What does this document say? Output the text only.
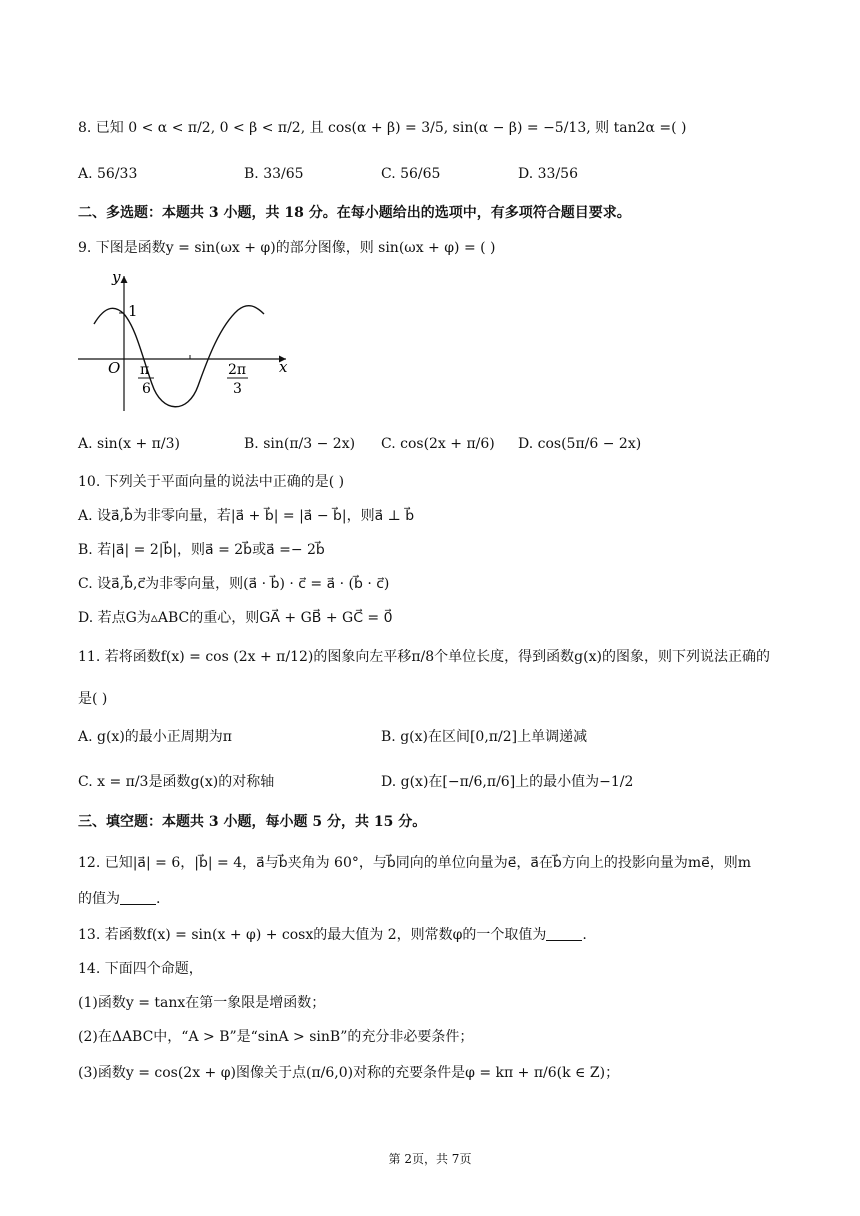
8. 已知 0 < α < π/2, 0 < β < π/2, 且 cos(α + β) = 3/5, sin(α − β) = −5/13, 则 tan2α =( )
A. 56/33	B. 33/65	C. 56/65	D. 33/56
二、多选题：本题共 3 小题，共 18 分。在每小题给出的选项中，有多项符合题目要求。
9. 下图是函数y = sin(ωx + φ)的部分图像，则 sin(ωx + φ) = ( )
y
x
O
1
π
6
2π
3
A. sin(x + π/3)	B. sin(π/3 − 2x) C. cos(2x + π/6) D. cos(5π/6 − 2x)
10. 下列关于平面向量的说法中正确的是( )
A. 设a⃗,b⃗为非零向量，若|a⃗ + b⃗| = |a⃗ − b⃗|，则a⃗ ⊥ b⃗
B. 若|a⃗| = 2|b⃗|，则a⃗ = 2b⃗或a⃗ =− 2b⃗
C. 设a⃗,b⃗,c⃗为非零向量，则(a⃗ · b⃗) · c⃗ = a⃗ · (b⃗ · c⃗)
D. 若点G为▵ABC的重心，则GA⃗ + GB⃗ + GC⃗ = 0⃗
11. 若将函数f(x) = cos (2x + π/12)的图象向左平移π/8个单位长度，得到函数g(x)的图象，则下列说法正确的
是( )
A. g(x)的最小正周期为π	B. g(x)在区间[0,π/2]上单调递减
C. x = π/3是函数g(x)的对称轴	D. g(x)在[−π/6,π/6]上的最小值为−1/2
三、填空题：本题共 3 小题，每小题 5 分，共 15 分。
12. 已知|a⃗| = 6，|b⃗| = 4，a⃗与b⃗夹角为 60°，与b⃗同向的单位向量为e⃗，a⃗在b⃗方向上的投影向量为me⃗，则m
的值为	.
13. 若函数f(x) = sin(x + φ) + cosx的最大值为 2，则常数φ的一个取值为	.
14. 下面四个命题，
(1)函数y = tanx在第一象限是增函数；
(2)在ΔABC中，“A > B”是“sinA > sinB”的充分非必要条件；
(3)函数y = cos(2x + φ)图像关于点(π/6,0)对称的充要条件是φ = kπ + π/6(k ∈ Z)；
第 2页，共 7页
